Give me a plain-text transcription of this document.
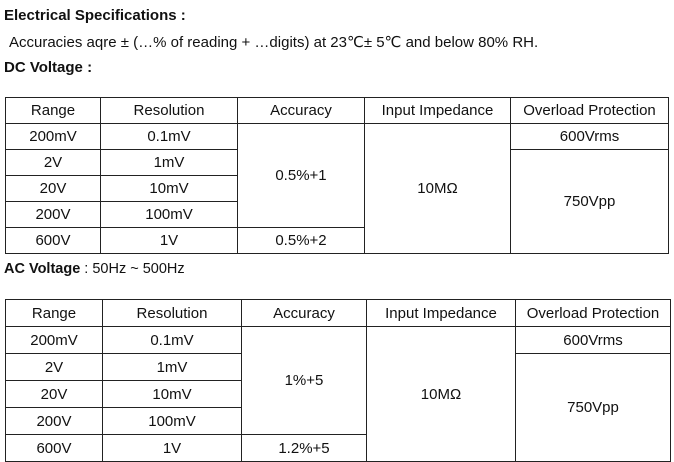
Electrical Specifications :
Accuracies aqre ± (…% of reading + …digits) at 23℃± 5℃ and below 80% RH.
DC Voltage :
Range	Resolution	Accuracy	Input Impedance	Overload Protection
200mV	0.1mV	0.5%+1	10MΩ	600Vrms
2V	1mV			750Vpp
20V	10mV			
200V	100mV			
600V	1V	0.5%+2		
AC Voltage : 50Hz ~ 500Hz
Range	Resolution	Accuracy	Input Impedance	Overload Protection
200mV	0.1mV	1%+5	10MΩ	600Vrms
2V	1mV			750Vpp
20V	10mV			
200V	100mV			
600V	1V	1.2%+5		
